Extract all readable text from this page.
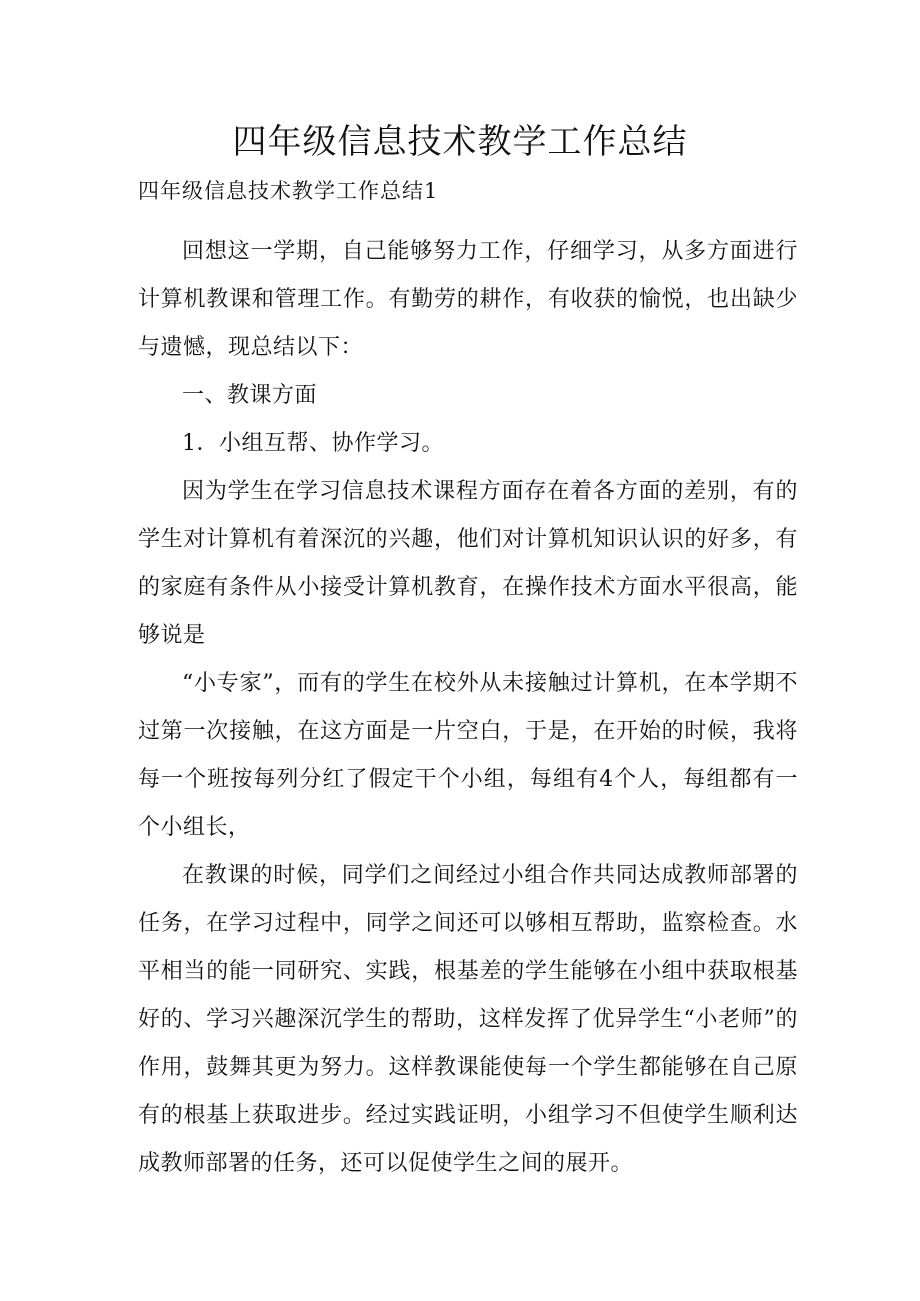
四年级信息技术教学工作总结

四年级信息技术教学工作总结1

回想这一学期，自己能够努力工作，仔细学习，从多方面进行计算机教课和管理工作。有勤劳的耕作，有收获的愉悦，也出缺少与遗憾，现总结以下：

一、教课方面

1．小组互帮、协作学习。

因为学生在学习信息技术课程方面存在着各方面的差别，有的学生对计算机有着深沉的兴趣，他们对计算机知识认识的好多，有的家庭有条件从小接受计算机教育，在操作技术方面水平很高，能够说是

“小专家”，而有的学生在校外从未接触过计算机，在本学期不过第一次接触，在这方面是一片空白，于是，在开始的时候，我将每一个班按每列分红了假定干个小组，每组有4个人，每组都有一个小组长，

在教课的时候，同学们之间经过小组合作共同达成教师部署的任务，在学习过程中，同学之间还可以够相互帮助，监察检查。水平相当的能一同研究、实践，根基差的学生能够在小组中获取根基好的、学习兴趣深沉学生的帮助，这样发挥了优异学生“小老师”的作用，鼓舞其更为努力。这样教课能使每一个学生都能够在自己原有的根基上获取进步。经过实践证明，小组学习不但使学生顺利达成教师部署的任务，还可以促使学生之间的展开。
